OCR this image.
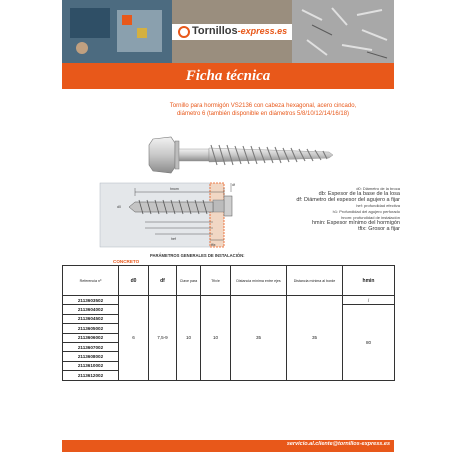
Tornillos-express.es
Ficha técnica
Tornillo para hormigón VS2136 con cabeza hexagonal, acero cincado,
diámetro 6 (también disponible en diámetros 5/8/10/12/14/16/18)
hnom
hef
tfix
df
d0
CONCRETO
PARÁMETROS GENERALES DE INSTALACIÓN:
d0: Diámetro de la broca
db: Espesor de la base de la losa
df: Diámetro del espesor del agujero a fijar
hef: profundidad efectiva
h1: Profundidad del agujero perforado
hnom: profundidad de instalación
hmin: Espesor mínimo del hormigón
tfix: Grosor a fijar
Referencia nº	d0	df	Clave para	Tfix/e	Distancia mínima entre ejes	Distancia mínima al borde	hmin
2113603502	6	7,5-9	10	10	35	35	/
2113604002							80
2113604502							
2113605002							
2113606002							
2113607002							
2113608002							
2113610002							
2113612002							
servicio.al.cliente@tornillos-express.es
